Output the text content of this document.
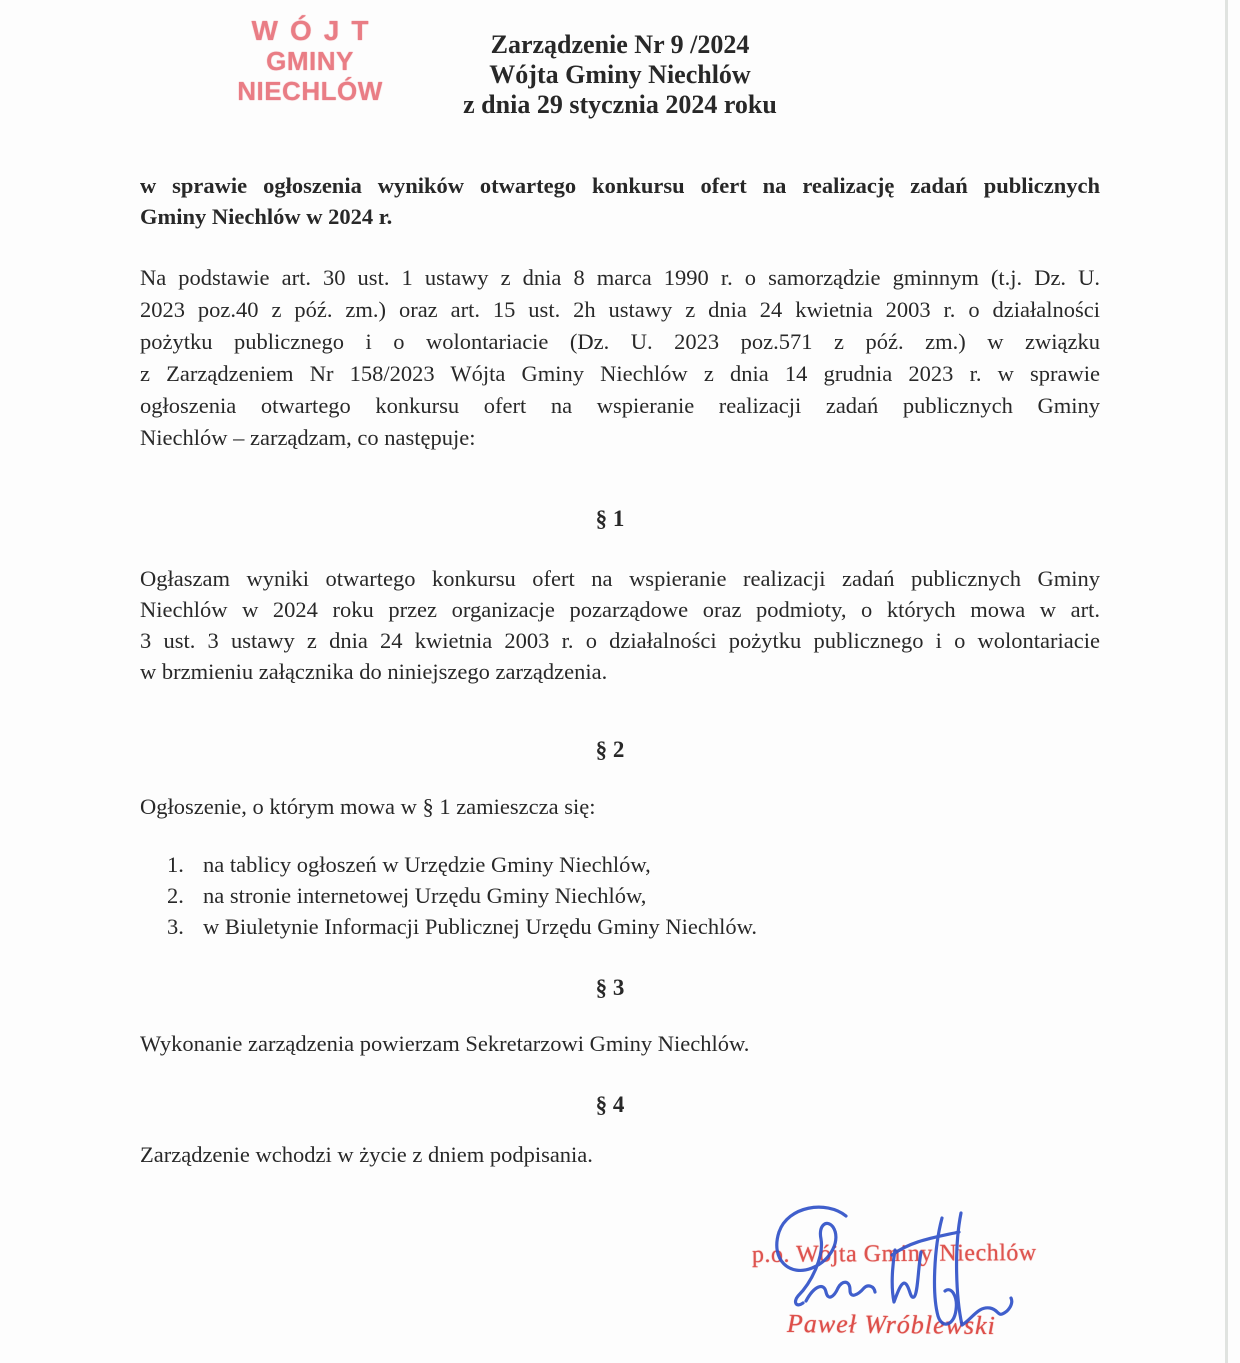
WÓJT
GMINY NIECHLÓW
Zarządzenie Nr 9 /2024
Wójta Gminy Niechlów
z dnia 29 stycznia 2024 roku
w sprawie ogłoszenia wyników otwartego konkursu ofert na realizację zadań publicznych
Gminy Niechlów w 2024 r.
Na podstawie art. 30 ust. 1 ustawy z dnia 8 marca 1990 r. o samorządzie gminnym (t.j. Dz. U.
2023 poz.40 z póź. zm.) oraz art. 15 ust. 2h ustawy z dnia 24 kwietnia 2003 r. o działalności
pożytku publicznego i o wolontariacie (Dz. U. 2023 poz.571 z póź. zm.) w związku
z Zarządzeniem Nr 158/2023 Wójta Gminy Niechlów z dnia 14 grudnia 2023 r. w sprawie
ogłoszenia otwartego konkursu ofert na wspieranie realizacji zadań publicznych Gminy
Niechlów – zarządzam, co następuje:
§ 1
Ogłaszam wyniki otwartego konkursu ofert na wspieranie realizacji zadań publicznych Gminy
Niechlów w 2024 roku przez organizacje pozarządowe oraz podmioty, o których mowa w art.
3 ust. 3 ustawy z dnia 24 kwietnia 2003 r. o działalności pożytku publicznego i o wolontariacie
w brzmieniu załącznika do niniejszego zarządzenia.
§ 2
Ogłoszenie, o którym mowa w § 1 zamieszcza się:
1. na tablicy ogłoszeń w Urzędzie Gminy Niechlów,
2. na stronie internetowej Urzędu Gminy Niechlów,
3. w Biuletynie Informacji Publicznej Urzędu Gminy Niechlów.
§ 3
Wykonanie zarządzenia powierzam Sekretarzowi Gminy Niechlów.
§ 4
Zarządzenie wchodzi w życie z dniem podpisania.
p.o. Wójta Gminy Niechlów
Paweł Wróblewski
